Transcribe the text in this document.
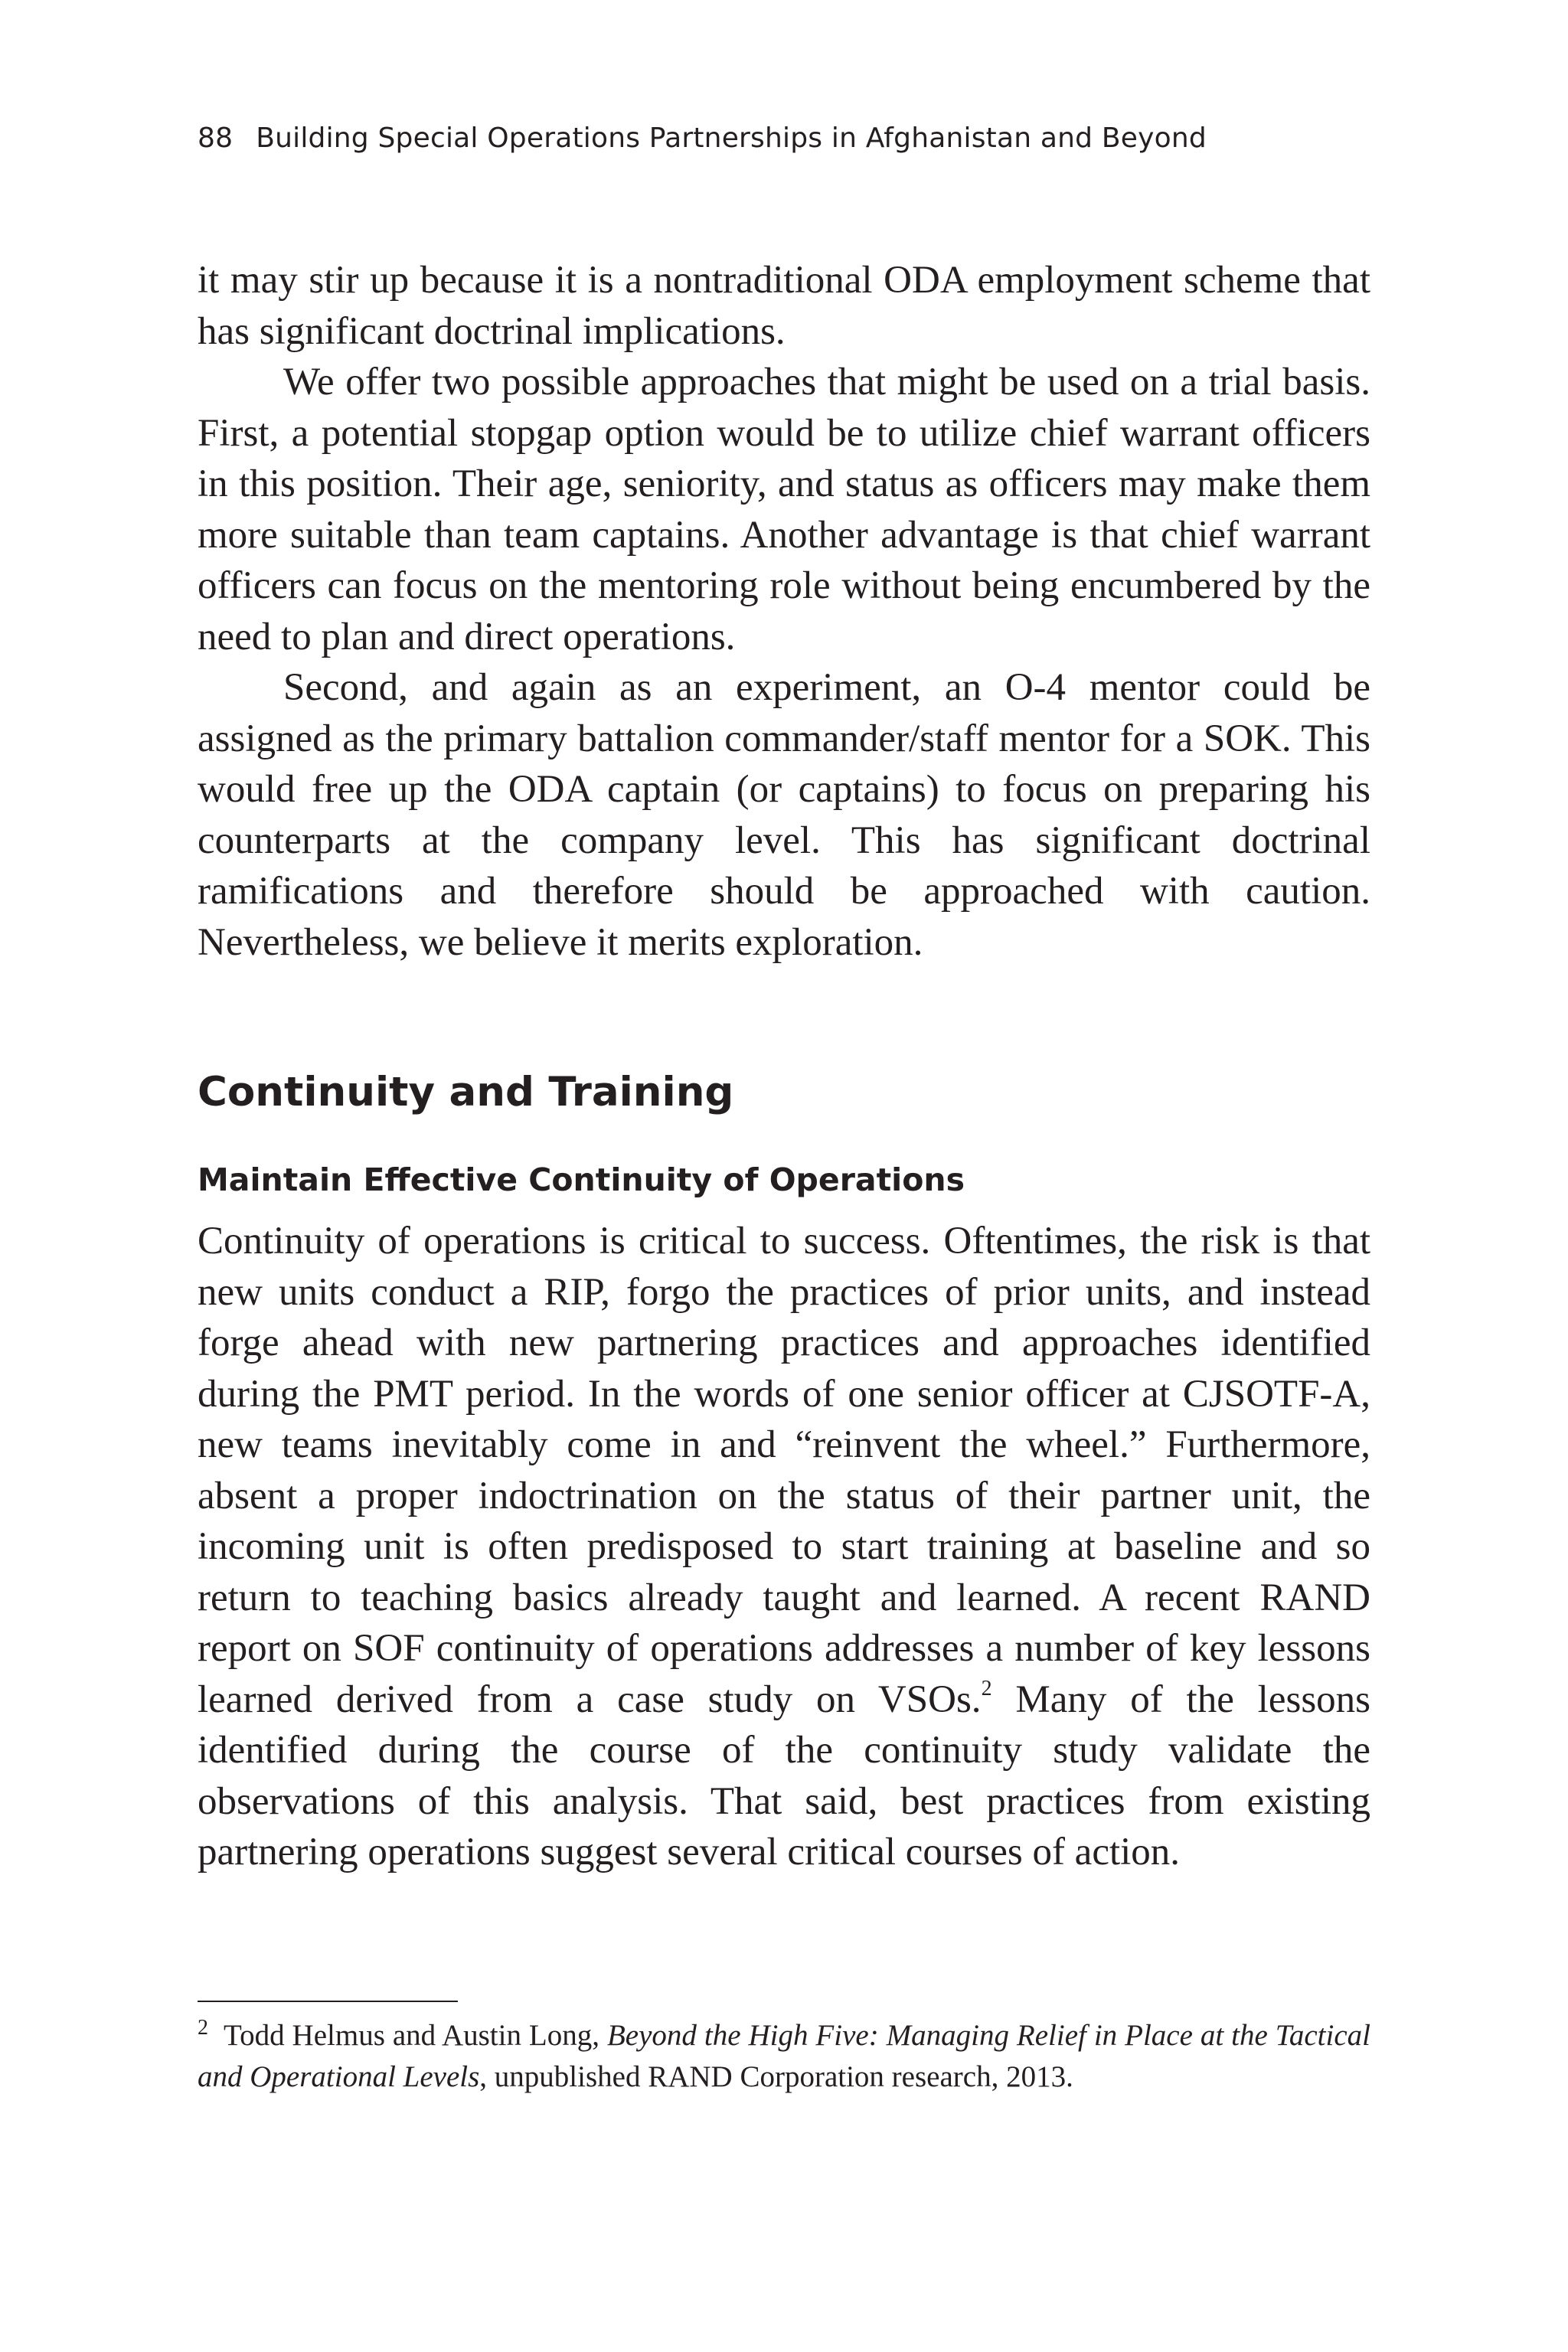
88 Building Special Operations Partnerships in Afghanistan and Beyond

it may stir up because it is a nontraditional ODA employment scheme that has significant doctrinal implications.

We offer two possible approaches that might be used on a trial basis. First, a potential stopgap option would be to utilize chief warrant officers in this position. Their age, seniority, and status as officers may make them more suitable than team captains. Another advantage is that chief warrant officers can focus on the mentoring role without being encumbered by the need to plan and direct operations.

Second, and again as an experiment, an O-4 mentor could be assigned as the primary battalion commander/staff mentor for a SOK. This would free up the ODA captain (or captains) to focus on preparing his counterparts at the company level. This has significant doctrinal ramifications and therefore should be approached with caution. Nevertheless, we believe it merits exploration.

Continuity and Training
Maintain Effective Continuity of Operations

Continuity of operations is critical to success. Oftentimes, the risk is that new units conduct a RIP, forgo the practices of prior units, and instead forge ahead with new partnering practices and approaches identified during the PMT period. In the words of one senior officer at CJSOTF-A, new teams inevitably come in and “reinvent the wheel.” Furthermore, absent a proper indoctrination on the status of their partner unit, the incoming unit is often predisposed to start training at baseline and so return to teaching basics already taught and learned. A recent RAND report on SOF continuity of operations addresses a number of key lessons learned derived from a case study on VSOs.$^2$ Many of the lessons identified during the course of the continuity study validate the observations of this analysis. That said, best practices from existing partnering operations suggest several critical courses of action.

$^2$ Todd Helmus and Austin Long, Beyond the High Five: Managing Relief in Place at the Tactical and Operational Levels, unpublished RAND Corporation research, 2013.
